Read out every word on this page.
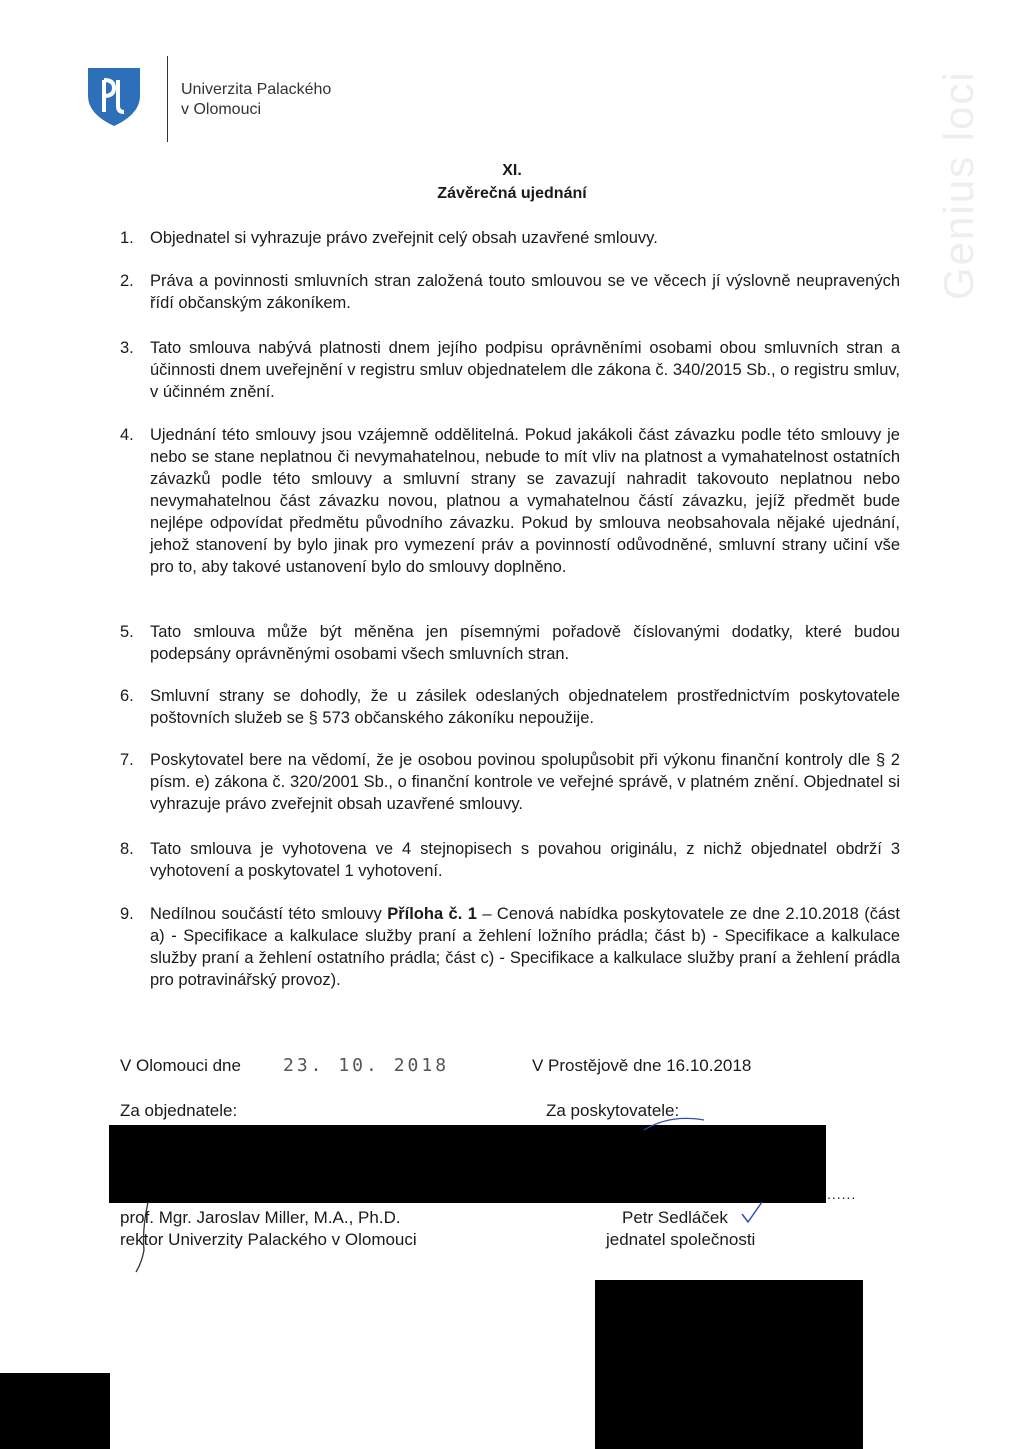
Univerzita Palackého
v Olomouci	Genius loci
XI.
Závěrečná ujednání
1. Objednatel si vyhrazuje právo zveřejnit celý obsah uzavřené smlouvy.
2. Práva a povinnosti smluvních stran založená touto smlouvou se ve věcech jí výslovně neupravených řídí občanským zákoníkem.
3. Tato smlouva nabývá platnosti dnem jejího podpisu oprávněními osobami obou smluvních stran a účinnosti dnem uveřejnění v registru smluv objednatelem dle zákona č. 340/2015 Sb., o registru smluv, v účinném znění.
4. Ujednání této smlouvy jsou vzájemně oddělitelná. Pokud jakákoli část závazku podle této smlouvy je nebo se stane neplatnou či nevymahatelnou, nebude to mít vliv na platnost a vymahatelnost ostatních závazků podle této smlouvy a smluvní strany se zavazují nahradit takovouto neplatnou nebo nevymahatelnou část závazku novou, platnou a vymahatelnou částí závazku, jejíž předmět bude nejlépe odpovídat předmětu původního závazku. Pokud by smlouva neobsahovala nějaké ujednání, jehož stanovení by bylo jinak pro vymezení práv a povinností odůvodněné, smluvní strany učiní vše pro to, aby takové ustanovení bylo do smlouvy doplněno.
5. Tato smlouva může být měněna jen písemnými pořadově číslovanými dodatky, které budou podepsány oprávněnými osobami všech smluvních stran.
6. Smluvní strany se dohodly, že u zásilek odeslaných objednatelem prostřednictvím poskytovatele poštovních služeb se § 573 občanského zákoníku nepoužije.
7. Poskytovatel bere na vědomí, že je osobou povinou spolupůsobit při výkonu finanční kontroly dle § 2 písm. e) zákona č. 320/2001 Sb., o finanční kontrole ve veřejné správě, v platném znění. Objednatel si vyhrazuje právo zveřejnit obsah uzavřené smlouvy.
8. Tato smlouva je vyhotovena ve 4 stejnopisech s povahou originálu, z nichž objednatel obdrží 3 vyhotovení a poskytovatel 1 vyhotovení.
9. Nedílnou součástí této smlouvy Příloha č. 1 – Cenová nabídka poskytovatele ze dne 2.10.2018 (část a) - Specifikace a kalkulace služby praní a žehlení ložního prádla; část b) - Specifikace a kalkulace služby praní a žehlení ostatního prádla; část c) - Specifikace a kalkulace služby praní a žehlení prádla pro potravinářský provoz).
V Olomouci dne 23. 10. 2018	V Prostějově dne 16.10.2018
Za objednatele:	Za poskytovatele:
......
prof. Mgr. Jaroslav Miller, M.A., Ph.D.
rektor Univerzity Palackého v Olomouci
Petr Sedláček
jednatel společnosti
